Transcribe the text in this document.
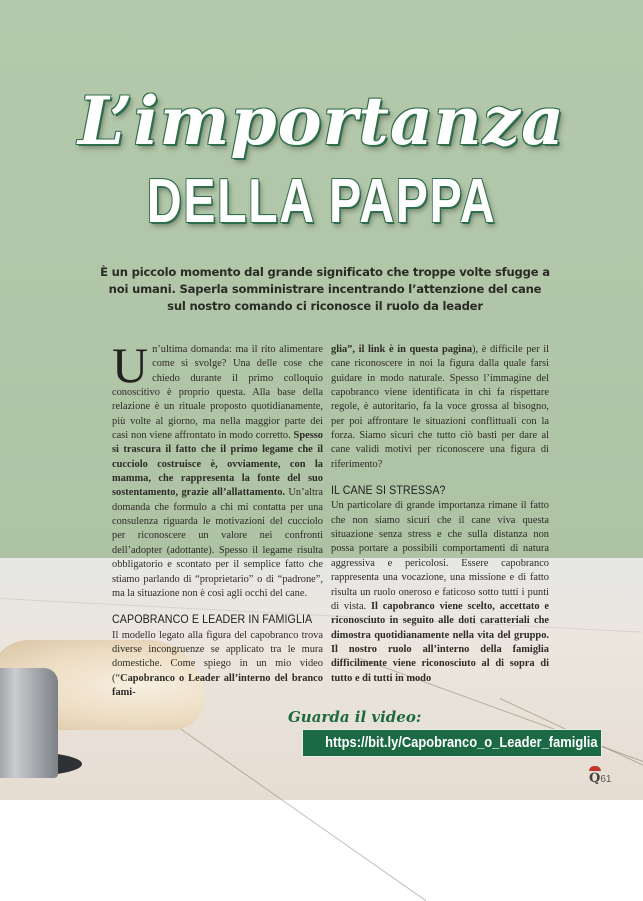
L’importanza
DELLA PAPPA
È un piccolo momento dal grande significato che troppe volte sfugge a noi umani. Saperla somministrare incentrando l’attenzione del cane sul nostro comando ci riconosce il ruolo da leader

Un’ultima domanda: ma il rito alimentare come si svolge? Una delle cose che chiedo durante il primo colloquio conoscitivo è proprio questa. Alla base della relazione è un rituale proposto quotidianamente, più volte al giorno, ma nella maggior parte dei casi non viene affrontato in modo corretto. Spesso si trascura il fatto che il primo legame che il cucciolo costruisce è, ovviamente, con la mamma, che rappresenta la fonte del suo sostentamento, grazie all’allattamento. Un’altra domanda che formulo a chi mi contatta per una consulenza riguarda le motivazioni del cucciolo per riconoscere un valore nei confronti dell’adopter (adottante). Spesso il legame risulta obbligatorio e scontato per il semplice fatto che stiamo parlando di “proprietario” o di “padrone”, ma la situazione non è così agli occhi del cane.

CAPOBRANCO E LEADER IN FAMIGLIA

Il modello legato alla figura del capobranco trova diverse incongruenze se applicato tra le mura domestiche. Come spiego in un mio video (“Capobranco o Leader all’interno del branco fami-

glia”, il link è in questa pagina), è difficile per il cane riconoscere in noi la figura dalla quale farsi guidare in modo naturale. Spesso l’immagine del capobranco viene identificata in chi fa rispettare regole, è autoritario, fa la voce grossa al bisogno, per poi affrontare le situazioni conflittuali con la forza. Siamo sicuri che tutto ciò basti per dare al cane validi motivi per riconoscere una figura di riferimento?

IL CANE SI STRESSA?

Un particolare di grande importanza rimane il fatto che non siamo sicuri che il cane viva questa situazione senza stress e che sulla distanza non possa portare a possibili comportamenti di natura aggressiva e pericolosi. Essere capobranco rappresenta una vocazione, una missione e di fatto risulta un ruolo oneroso e faticoso sotto tutti i punti di vista. Il capobranco viene scelto, accettato e riconosciuto in seguito alle doti caratteriali che dimostra quotidianamente nella vita del gruppo. Il nostro ruolo all’interno della famiglia difficilmente viene riconosciuto al di sopra di tutto e di tutti in modo

Guarda il video:
https://bit.ly/Capobranco_o_Leader_famiglia
Q61
